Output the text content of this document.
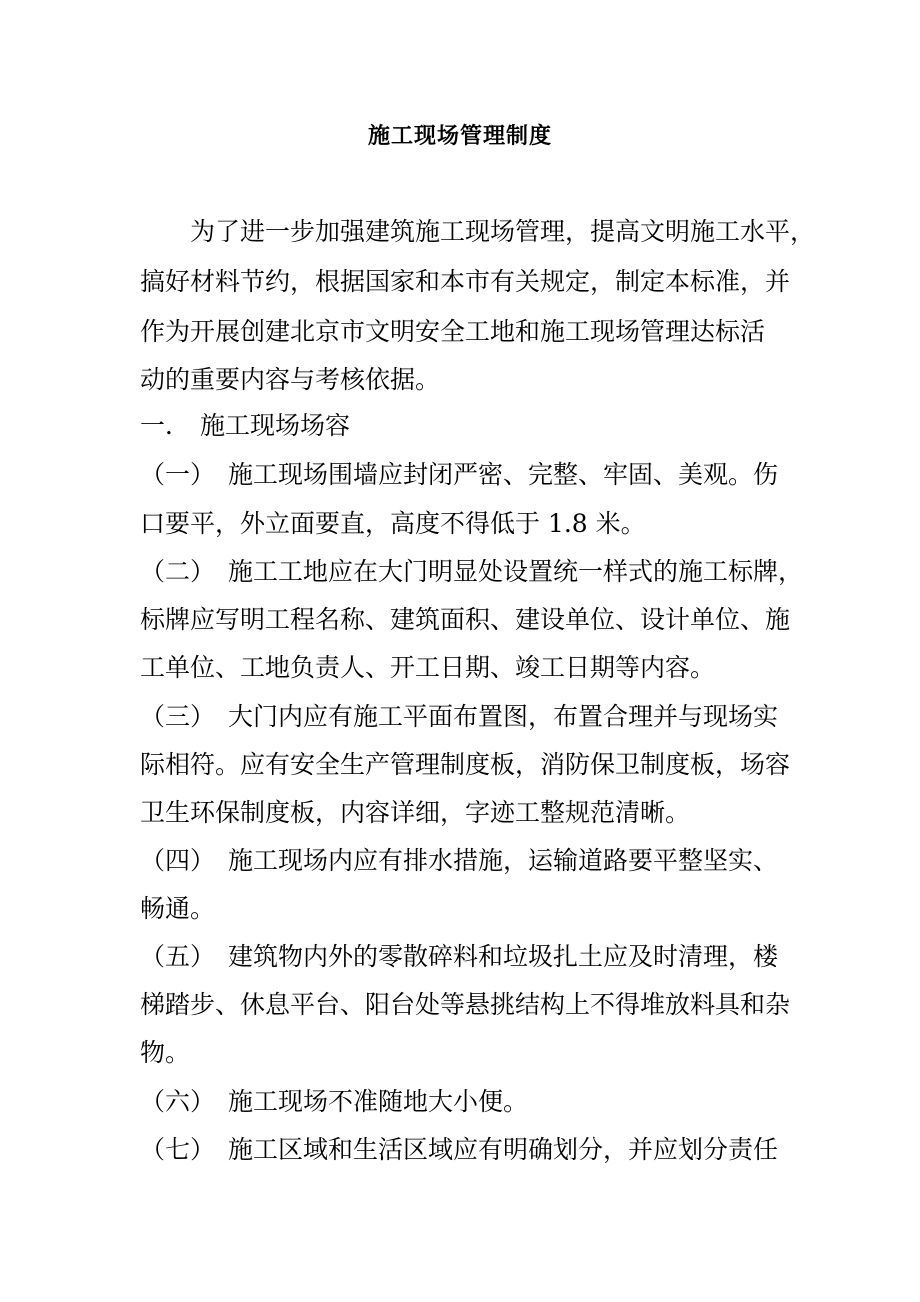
施工现场管理制度
为了进一步加强建筑施工现场管理，提高文明施工水平，
搞好材料节约，根据国家和本市有关规定，制定本标准，并
作为开展创建北京市文明安全工地和施工现场管理达标活
动的重要内容与考核依据。
一． 施工现场场容
（一） 施工现场围墙应封闭严密、完整、牢固、美观。伤
口要平，外立面要直，高度不得低于 1.8 米。
（二） 施工工地应在大门明显处设置统一样式的施工标牌，
标牌应写明工程名称、建筑面积、建设单位、设计单位、施
工单位、工地负责人、开工日期、竣工日期等内容。
（三） 大门内应有施工平面布置图，布置合理并与现场实
际相符。应有安全生产管理制度板，消防保卫制度板，场容
卫生环保制度板，内容详细，字迹工整规范清晰。
（四） 施工现场内应有排水措施，运输道路要平整坚实、
畅通。
（五） 建筑物内外的零散碎料和垃圾扎土应及时清理，楼
梯踏步、休息平台、阳台处等悬挑结构上不得堆放料具和杂
物。
（六） 施工现场不准随地大小便。
（七） 施工区域和生活区域应有明确划分，并应划分责任
